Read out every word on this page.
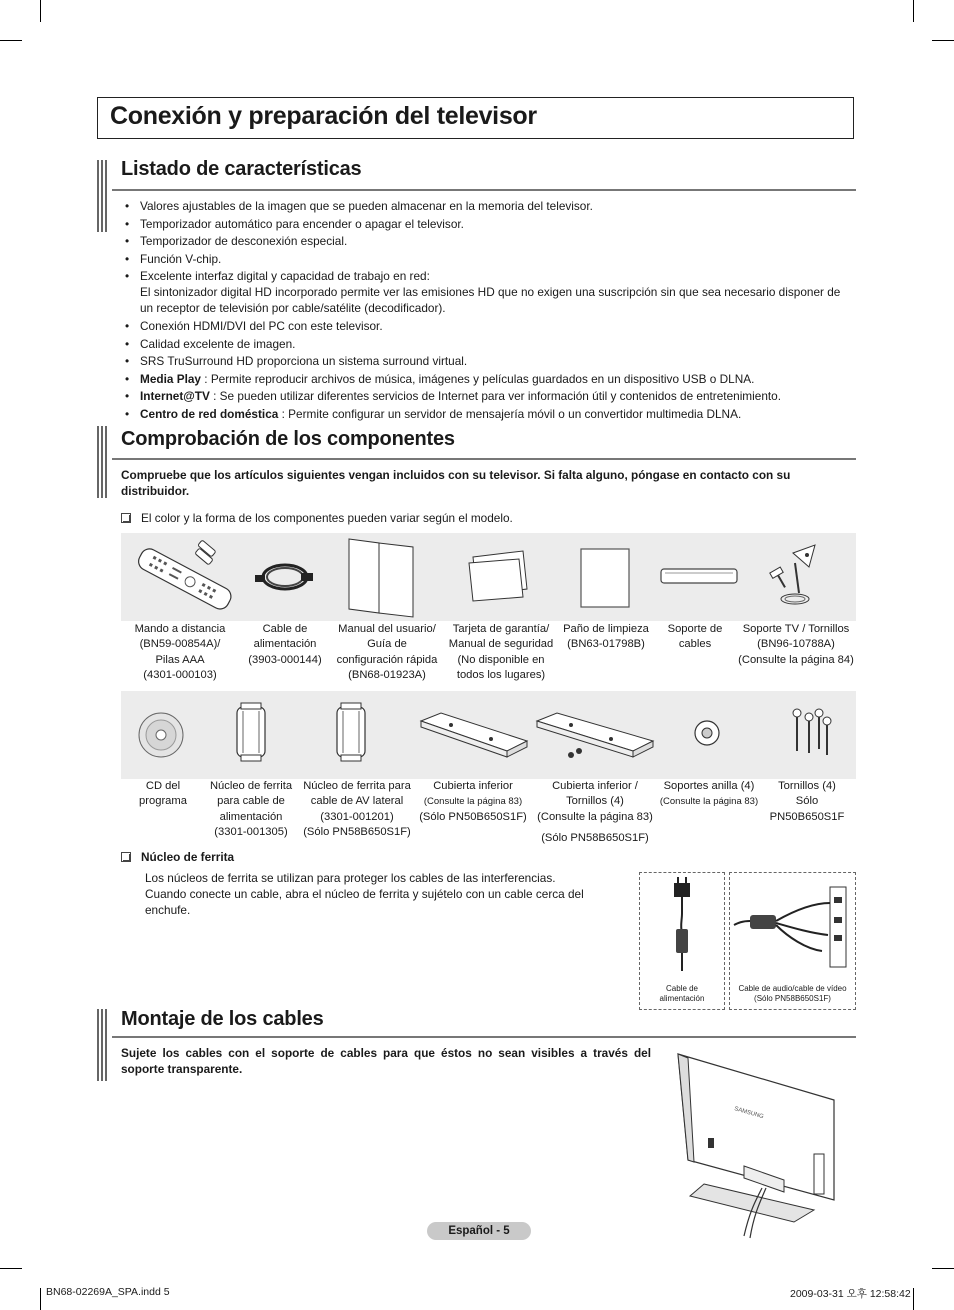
Conexión y preparación del televisor
Listado de características
• Valores ajustables de la imagen que se pueden almacenar en la memoria del televisor.
• Temporizador automático para encender o apagar el televisor.
• Temporizador de desconexión especial.
• Función V-chip.
• Excelente interfaz digital y capacidad de trabajo en red:
El sintonizador digital HD incorporado permite ver las emisiones HD que no exigen una suscripción sin que sea necesario disponer de un receptor de televisión por cable/satélite (decodificador).
• Conexión HDMI/DVI del PC con este televisor.
• Calidad excelente de imagen.
• SRS TruSurround HD proporciona un sistema surround virtual.
• Media Play : Permite reproducir archivos de música, imágenes y películas guardados en un dispositivo USB o DLNA.
• Internet@TV : Se pueden utilizar diferentes servicios de Internet para ver información útil y contenidos de entretenimiento.
• Centro de red doméstica : Permite configurar un servidor de mensajería móvil o un convertidor multimedia DLNA.
Comprobación de los componentes
Compruebe que los artículos siguientes vengan incluidos con su televisor. Si falta alguno, póngase en contacto con su distribuidor.
El color y la forma de los componentes pueden variar según el modelo.
Mando a distancia
(BN59-00854A)/
Pilas AAA
(4301-000103)
Cable de
alimentación
(3903-000144)
Manual del usuario/
Guía de
configuración rápida
(BN68-01923A)
Tarjeta de garantía/
Manual de seguridad
(No disponible en
todos los lugares)
Paño de limpieza
(BN63-01798B)
Soporte de
cables
Soporte TV / Tornillos
(BN96-10788A)
(Consulte la página 84)
CD del
programa
Núcleo de ferrita
para cable de
alimentación
(3301-001305)
Núcleo de ferrita para
cable de AV lateral
(3301-001201)
(Sólo PN58B650S1F)
Cubierta inferior
(Consulte la página 83)
(Sólo PN50B650S1F)
Cubierta inferior /
Tornillos (4)
(Consulte la página 83)
(Sólo PN58B650S1F)
Soportes anilla (4)
(Consulte la página 83)
Tornillos (4)
Sólo
PN50B650S1F
Núcleo de ferrita
Los núcleos de ferrita se utilizan para proteger los cables de las interferencias.
Cuando conecte un cable, abra el núcleo de ferrita y sujételo con un cable cerca del enchufe.
Cable de
alimentación
Cable de audio/cable de vídeo
(Sólo PN58B650S1F)
Montaje de los cables
Sujete los cables con el soporte de cables para que éstos no sean visibles a través del soporte transparente.
SAMSUNG
Español - 5
BN68-02269A_SPA.indd 5	2009-03-31 오후 12:58:42
